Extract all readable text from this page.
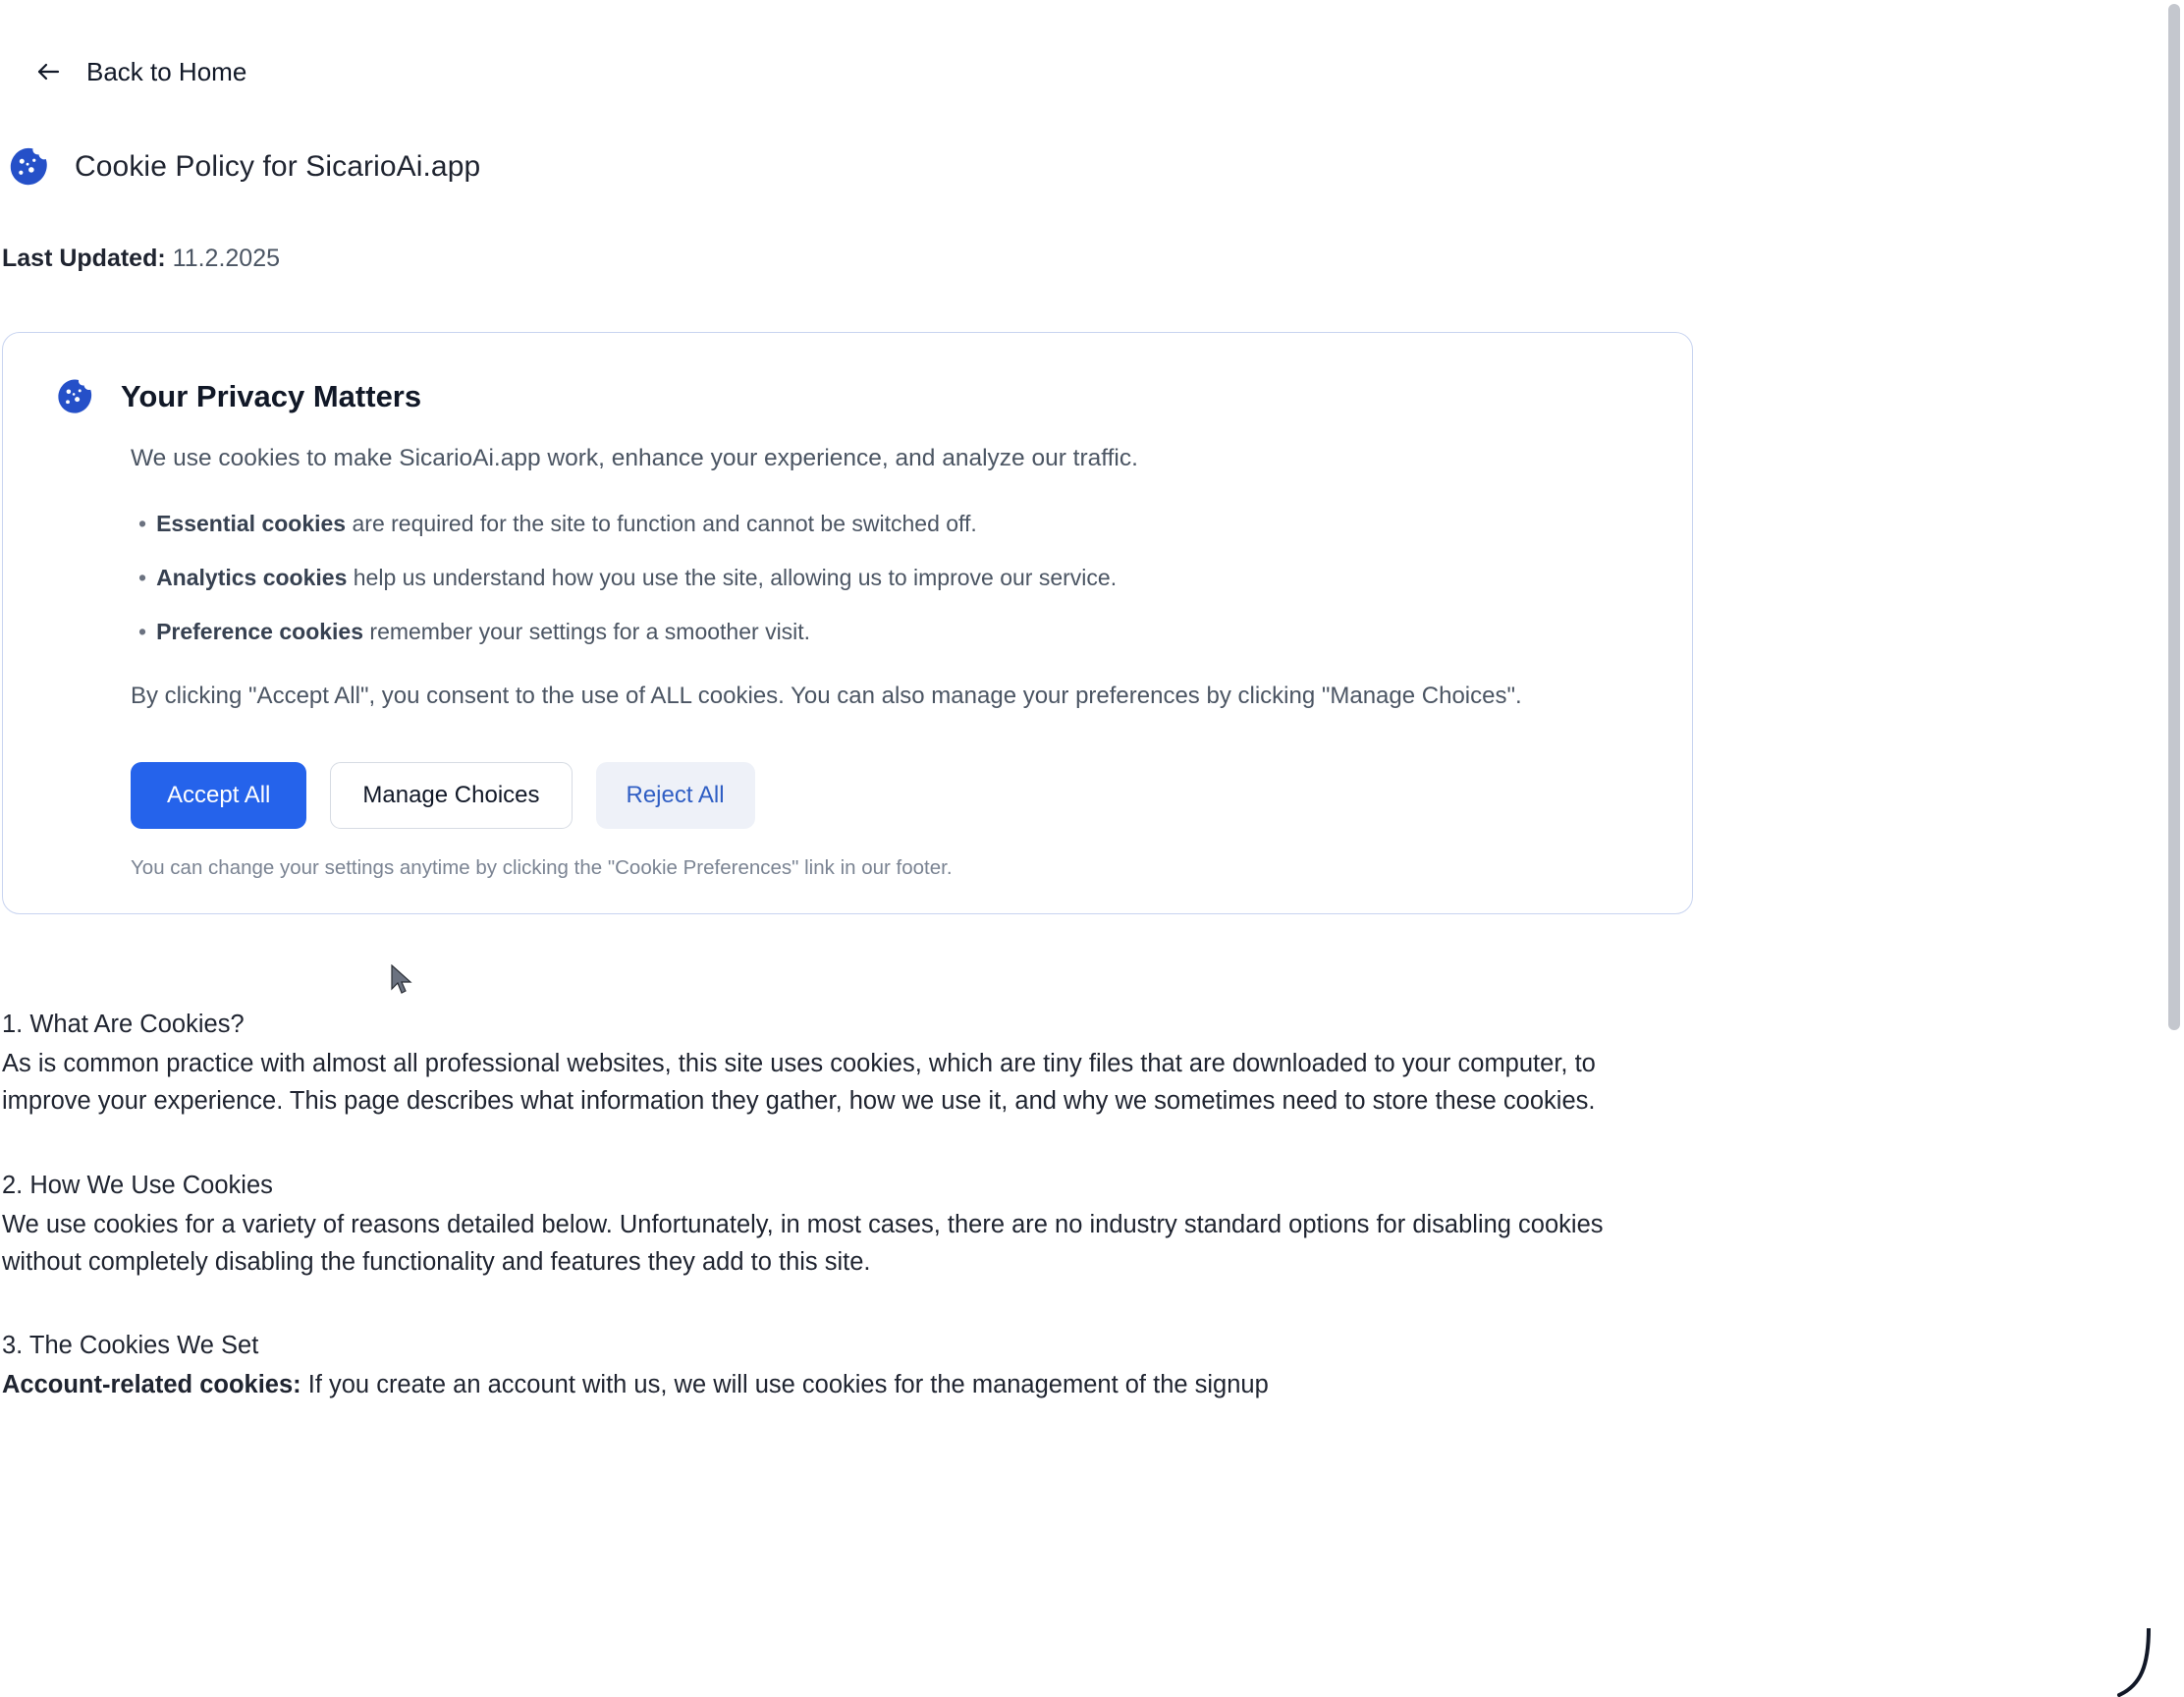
Back to Home
Cookie Policy for SicarioAi.app
Last Updated: 11.2.2025
Your Privacy Matters
We use cookies to make SicarioAi.app work, enhance your experience, and analyze our traffic.
• Essential cookies are required for the site to function and cannot be switched off.
• Analytics cookies help us understand how you use the site, allowing us to improve our service.
• Preference cookies remember your settings for a smoother visit.
By clicking "Accept All", you consent to the use of ALL cookies. You can also manage your preferences by clicking "Manage Choices".
Accept All	Manage Choices	Reject All
You can change your settings anytime by clicking the "Cookie Preferences" link in our footer.
1. What Are Cookies?
As is common practice with almost all professional websites, this site uses cookies, which are tiny files that are downloaded to your computer, to improve your experience. This page describes what information they gather, how we use it, and why we sometimes need to store these cookies.
2. How We Use Cookies
We use cookies for a variety of reasons detailed below. Unfortunately, in most cases, there are no industry standard options for disabling cookies without completely disabling the functionality and features they add to this site.
3. The Cookies We Set
Account-related cookies: If you create an account with us, we will use cookies for the management of the signup
